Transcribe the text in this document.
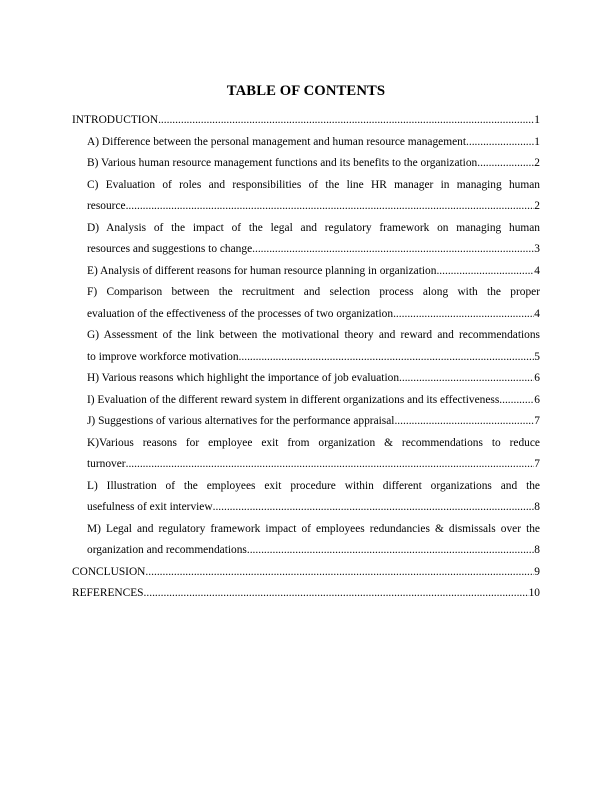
TABLE OF CONTENTS
INTRODUCTION .....	1
A) Difference between the personal management and human resource management .....	1
B) Various human resource management functions and its benefits to the organization .....	2
C) Evaluation of roles and responsibilities of the line HR manager in managing human
resource .....	2
D) Analysis of the impact of the legal and regulatory framework on managing human
resources and suggestions to change .....	3
E) Analysis of different reasons for human resource planning in organization .....	4
F) Comparison between the recruitment and selection process along with the proper
evaluation of the effectiveness of the processes of two organization .....	4
G) Assessment of the link between the motivational theory and reward and recommendations
to improve workforce motivation .....	5
H) Various reasons which highlight the importance of job evaluation .....	6
I) Evaluation of the different reward system in different organizations and its effectiveness .....	6
J) Suggestions of various alternatives for the performance appraisal .....	7
K)Various reasons for employee exit from organization & recommendations to reduce
turnover .....	7
L) Illustration of the employees exit procedure within different organizations and the
usefulness of exit interview .....	8
M) Legal and regulatory framework impact of employees redundancies & dismissals over the
organization and recommendations .....	8
CONCLUSION .....	9
REFERENCES .....	10
